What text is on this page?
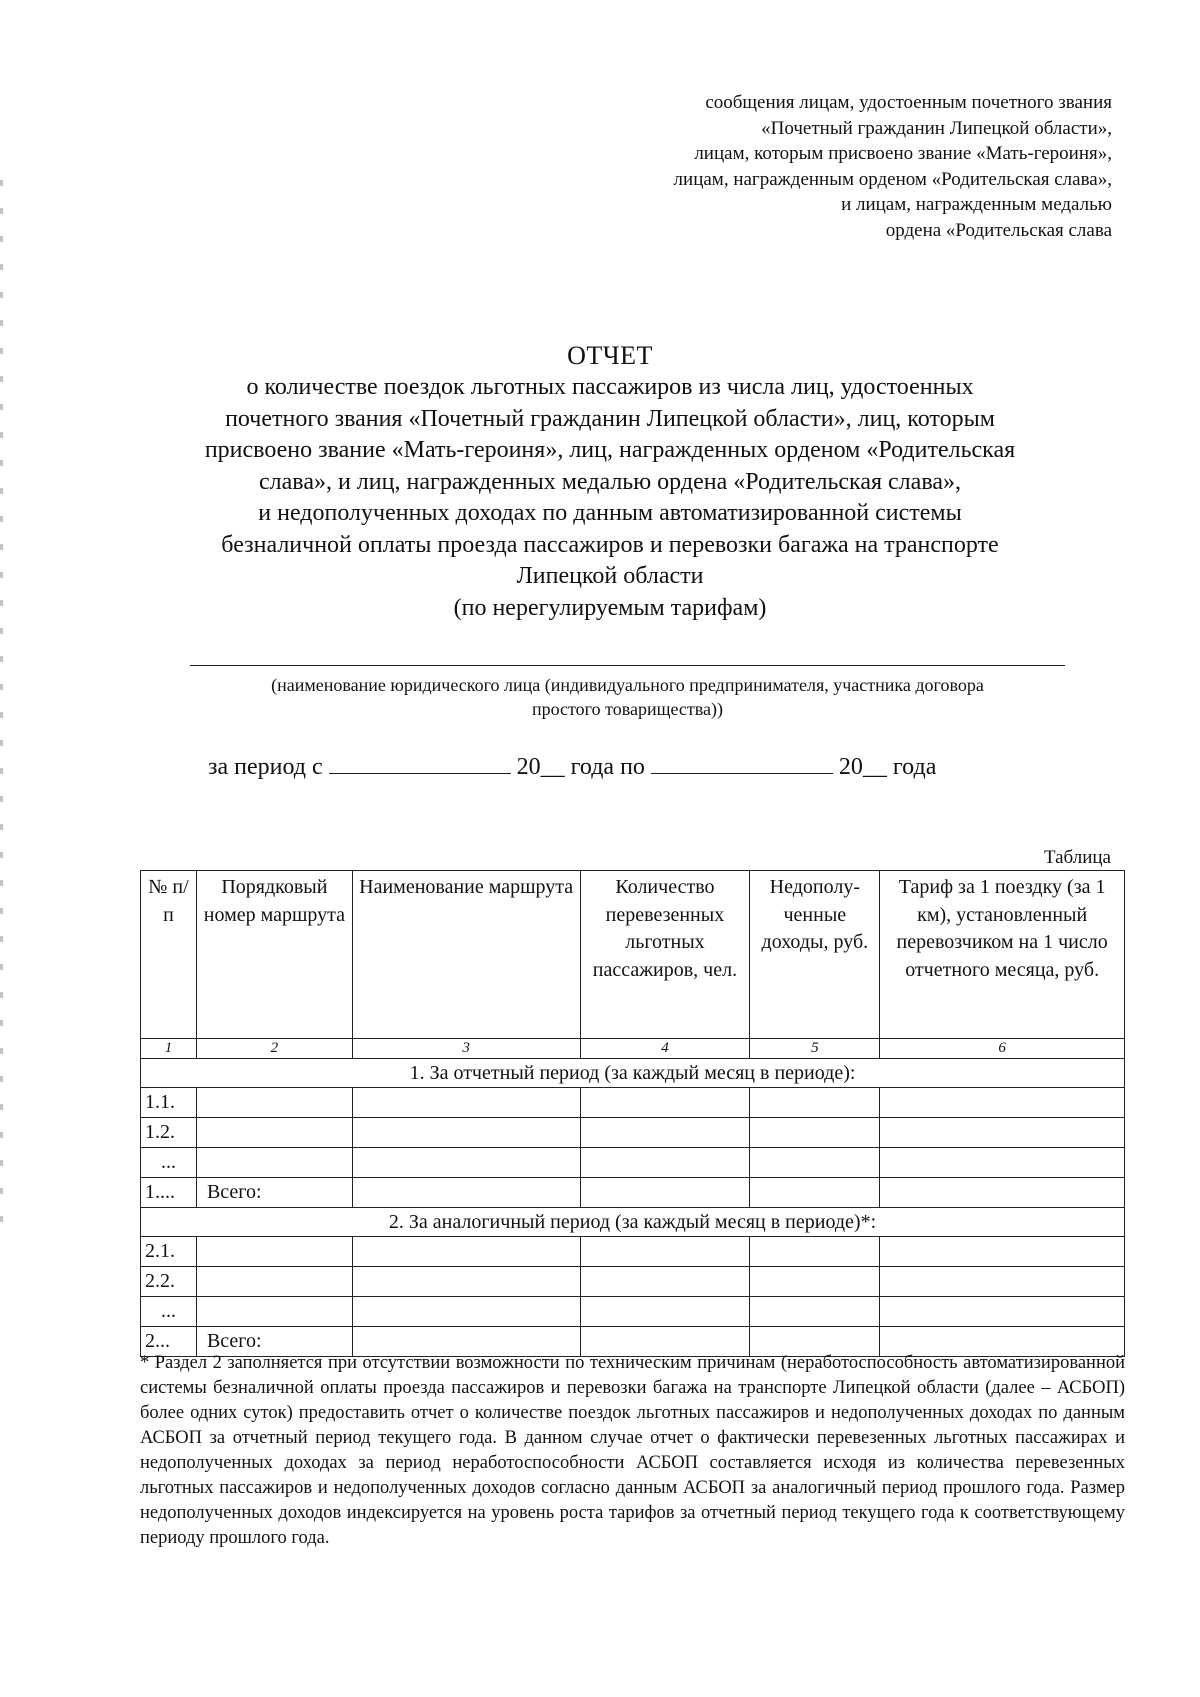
сообщения лицам, удостоенным почетного звания
«Почетный гражданин Липецкой области»,
лицам, которым присвоено звание «Мать-героиня»,
лицам, награжденным орденом «Родительская слава»,
и лицам, награжденным медалью
ордена «Родительская слава
ОТЧЕТ
о количестве поездок льготных пассажиров из числа лиц, удостоенных
почетного звания «Почетный гражданин Липецкой области», лиц, которым
присвоено звание «Мать-героиня», лиц, награжденных орденом «Родительская
слава», и лиц, награжденных медалью ордена «Родительская слава»,
и недополученных доходах по данным автоматизированной системы
безналичной оплаты проезда пассажиров и перевозки багажа на транспорте
Липецкой области
(по нерегулируемым тарифам)
(наименование юридического лица (индивидуального предпринимателя, участника договора
простого товарищества))
за период с	20__ года по	20__ года
Таблица
№ п/п	Порядковый номер маршрута	Наименование маршрута	Количество перевезенных льготных пассажиров, чел.	Недополу-ченные доходы, руб.	Тариф за 1 поездку (за 1 км), установленный перевозчиком на 1 число отчетного месяца, руб.
1	2	3	4	5	6
1. За отчетный период (за каждый месяц в периоде):					
1.1.					
1.2.					
...					
1....	Всего:				
2. За аналогичный период (за каждый месяц в периоде)*:					
2.1.					
2.2.					
...					
2...	Всего:				
* Раздел 2 заполняется при отсутствии возможности по техническим причинам (неработоспособность автоматизированной системы безналичной оплаты проезда пассажиров и перевозки багажа на транспорте Липецкой области (далее – АСБОП) более одних суток) предоставить отчет о количестве поездок льготных пассажиров и недополученных доходах по данным АСБОП за отчетный период текущего года. В данном случае отчет о фактически перевезенных льготных пассажирах и недополученных доходах за период неработоспособности АСБОП составляется исходя из количества перевезенных льготных пассажиров и недополученных доходов согласно данным АСБОП за аналогичный период прошлого года. Размер недополученных доходов индексируется на уровень роста тарифов за отчетный период текущего года к соответствующему периоду прошлого года.
